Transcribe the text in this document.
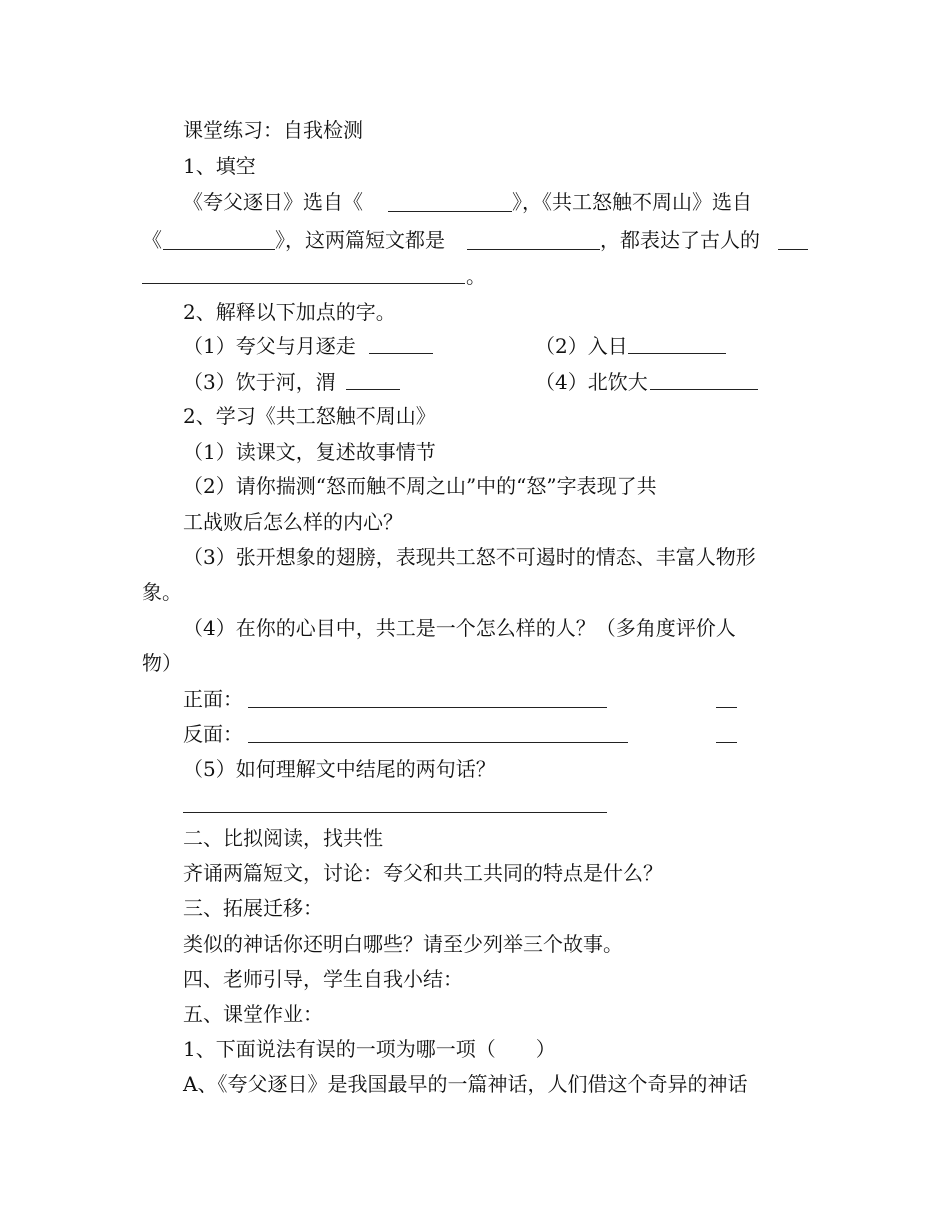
课堂练习：自我检测
1、填空
《夸父逐日》选自《	》，《共工怒触不周山》选自
《	》，这两篇短文都是	，都表达了古人的
。
2、解释以下加点的字。
（1）夸父与月逐走	（2）入日
（3）饮于河，渭	（4）北饮大
2、学习《共工怒触不周山》
（1）读课文，复述故事情节
（2）请你揣测“怒而触不周之山”中的“怒”字表现了共
工战败后怎么样的内心？
（3）张开想象的翅膀，表现共工怒不可遏时的情态、丰富人物形
象。
（4）在你的心目中，共工是一个怎么样的人？（多角度评价人
物）
正面：
反面：
（5）如何理解文中结尾的两句话？
二、比拟阅读，找共性
齐诵两篇短文，讨论：夸父和共工共同的特点是什么？
三、拓展迁移：
类似的神话你还明白哪些？请至少列举三个故事。
四、老师引导，学生自我小结：
五、课堂作业：
1、下面说法有误的一项为哪一项（　　）
A、《夸父逐日》是我国最早的一篇神话，人们借这个奇异的神话
